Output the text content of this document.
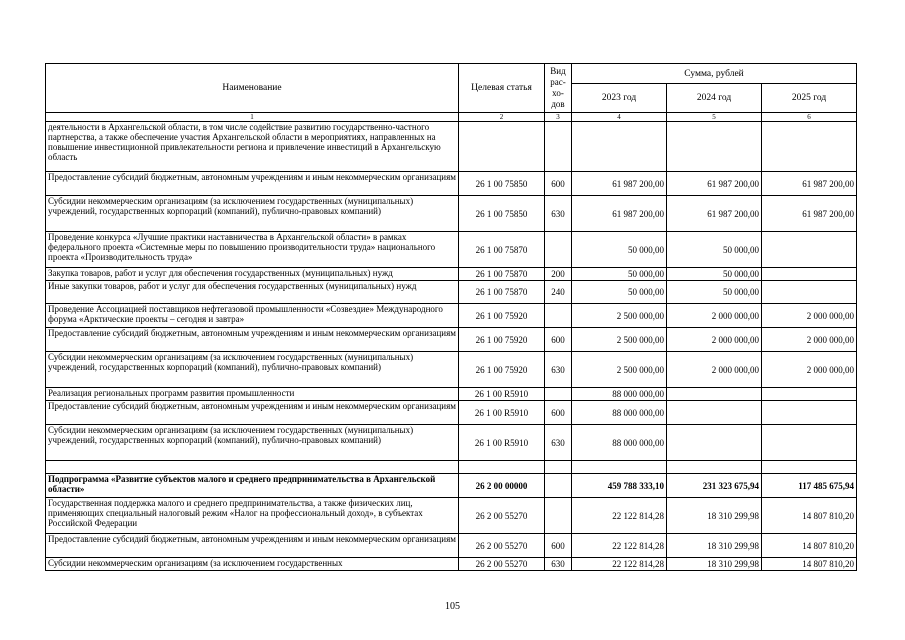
Наименование	Целевая статья	Вид рас-хо-дов	Сумма, рублей		
			2023 год	2024 год	2025 год
1	2	3	4	5	6
деятельности в Архангельской области, в том числе содействие развитию государственно-частного партнерства, а также обеспечение участия Архангельской области в мероприятиях, направленных на повышение инвестиционной привлекательности региона и привлечение инвестиций в Архангельскую область					
Предоставление субсидий бюджетным, автономным учреждениям и иным некоммерческим организациям	26 1 00 75850	600	61 987 200,00	61 987 200,00	61 987 200,00
Субсидии некоммерческим организациям (за исключением государственных (муниципальных) учреждений, государственных корпораций (компаний), публично-правовых компаний)	26 1 00 75850	630	61 987 200,00	61 987 200,00	61 987 200,00
Проведение конкурса «Лучшие практики наставничества в Архангельской области» в рамках федерального проекта «Системные меры по повышению производительности труда» национального проекта «Производительность труда»	26 1 00 75870		50 000,00	50 000,00	
Закупка товаров, работ и услуг для обеспечения государственных (муниципальных) нужд	26 1 00 75870	200	50 000,00	50 000,00	
Иные закупки товаров, работ и услуг для обеспечения государственных (муниципальных) нужд	26 1 00 75870	240	50 000,00	50 000,00	
Проведение Ассоциацией поставщиков нефтегазовой промышленности «Созвездие» Международного форума «Арктические проекты – сегодня и завтра»	26 1 00 75920		2 500 000,00	2 000 000,00	2 000 000,00
Предоставление субсидий бюджетным, автономным учреждениям и иным некоммерческим организациям	26 1 00 75920	600	2 500 000,00	2 000 000,00	2 000 000,00
Субсидии некоммерческим организациям (за исключением государственных (муниципальных) учреждений, государственных корпораций (компаний), публично-правовых компаний)	26 1 00 75920	630	2 500 000,00	2 000 000,00	2 000 000,00
Реализация региональных программ развития промышленности	26 1 00 R5910		88 000 000,00		
Предоставление субсидий бюджетным, автономным учреждениям и иным некоммерческим организациям	26 1 00 R5910	600	88 000 000,00		
Субсидии некоммерческим организациям (за исключением государственных (муниципальных) учреждений, государственных корпораций (компаний), публично-правовых компаний)	26 1 00 R5910	630	88 000 000,00		

Подпрограмма «Развитие субъектов малого и среднего предпринимательства в Архангельской области»	26 2 00 00000		459 788 333,10	231 323 675,94	117 485 675,94
Государственная поддержка малого и среднего предпринимательства, а также физических лиц, применяющих специальный налоговый режим «Налог на профессиональный доход», в субъектах Российской Федерации	26 2 00 55270		22 122 814,28	18 310 299,98	14 807 810,20
Предоставление субсидий бюджетным, автономным учреждениям и иным некоммерческим организациям	26 2 00 55270	600	22 122 814,28	18 310 299,98	14 807 810,20
Субсидии некоммерческим организациям (за исключением государственных	26 2 00 55270	630	22 122 814,28	18 310 299,98	14 807 810,20
105
